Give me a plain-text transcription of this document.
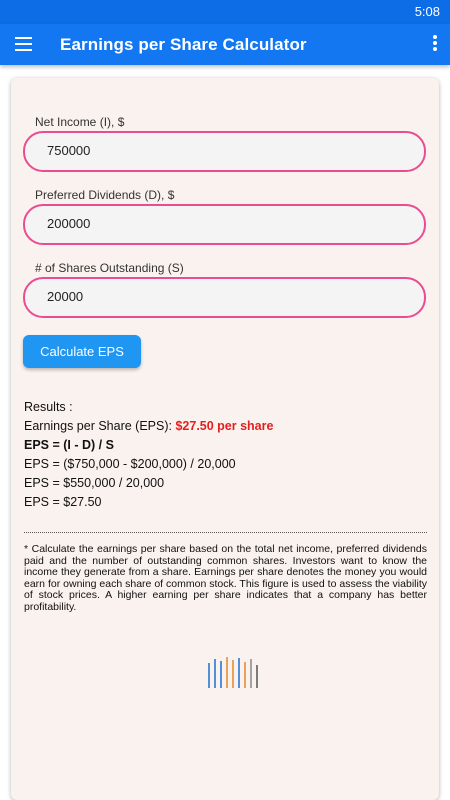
5:08
Earnings per Share Calculator
Net Income (I), $
750000
Preferred Dividends (D), $
200000
# of Shares Outstanding (S)
20000
Calculate EPS
Results :
Earnings per Share (EPS): $27.50 per share
EPS = (I - D) / S
EPS = ($750,000 - $200,000) / 20,000
EPS = $550,000 / 20,000
EPS = $27.50
* Calculate the earnings per share based on the total net income, preferred dividends paid and the number of outstanding common shares. Investors want to know the income they generate from a share. Earnings per share denotes the money you would earn for owning each share of common stock. This figure is used to assess the viability of stock prices. A higher earning per share indicates that a company has better profitability.
